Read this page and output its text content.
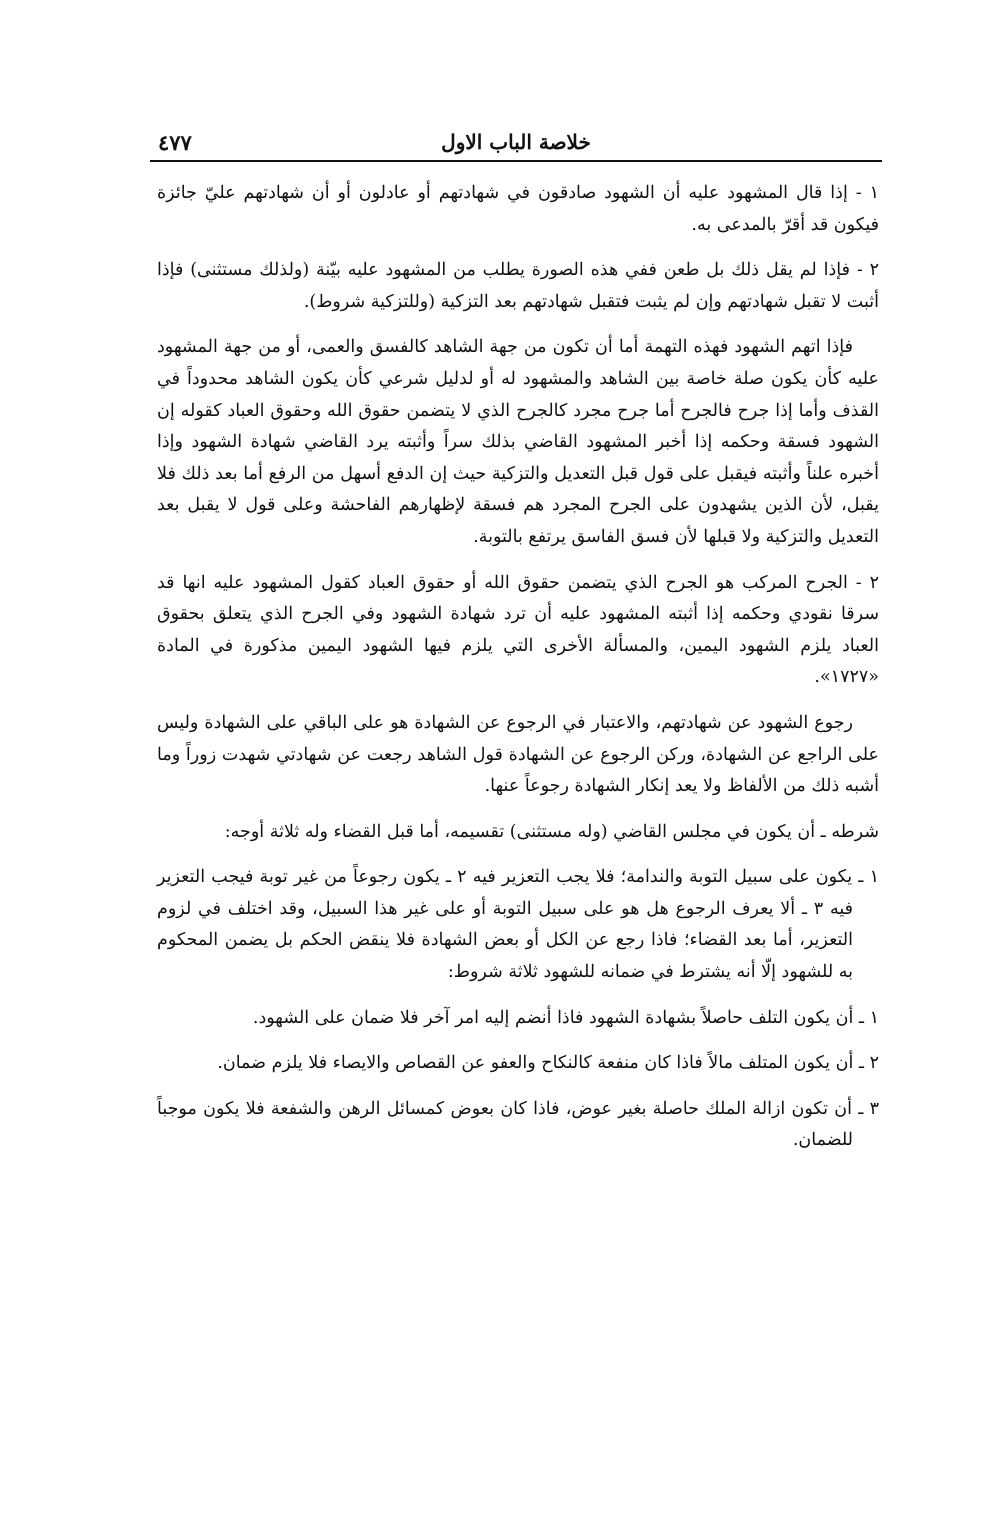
٤٧٧	خلاصة الباب الاول

١ - إذا قال المشهود عليه أن الشهود صادقون في شهادتهم أو عادلون أو أن شهادتهم عليّ جائزة فيكون قد أقرّ بالمدعى به.

٢ - فإذا لم يقل ذلك بل طعن ففي هذه الصورة يطلب من المشهود عليه بيّنة (ولذلك مستثنى) فإذا أثبت لا تقبل شهادتهم وإن لم يثبت فتقبل شهادتهم بعد التزكية (وللتزكية شروط).

فإذا اتهم الشهود فهذه التهمة أما أن تكون من جهة الشاهد كالفسق والعمى، أو من جهة المشهود عليه كأن يكون صلة خاصة بين الشاهد والمشهود له أو لدليل شرعي كأن يكون الشاهد محدوداً في القذف وأما إذا جرح فالجرح أما جرح مجرد كالجرح الذي لا يتضمن حقوق الله وحقوق العباد كقوله إن الشهود فسقة وحكمه إذا أخبر المشهود القاضي بذلك سراً وأثبته يرد القاضي شهادة الشهود وإذا أخبره علناً وأثبته فيقبل على قول قبل التعديل والتزكية حيث إن الدفع أسهل من الرفع أما بعد ذلك فلا يقبل، لأن الذين يشهدون على الجرح المجرد هم فسقة لإظهارهم الفاحشة وعلى قول لا يقبل بعد التعديل والتزكية ولا قبلها لأن فسق الفاسق يرتفع بالتوبة.

٢ - الجرح المركب هو الجرح الذي يتضمن حقوق الله أو حقوق العباد كقول المشهود عليه انها قد سرقا نقودي وحكمه إذا أثبته المشهود عليه أن ترد شهادة الشهود وفي الجرح الذي يتعلق بحقوق العباد يلزم الشهود اليمين، والمسألة الأخرى التي يلزم فيها الشهود اليمين مذكورة في المادة «١٧٢٧».

رجوع الشهود عن شهادتهم، والاعتبار في الرجوع عن الشهادة هو على الباقي على الشهادة وليس على الراجع عن الشهادة، وركن الرجوع عن الشهادة قول الشاهد رجعت عن شهادتي شهدت زوراً وما أشبه ذلك من الألفاظ ولا يعد إنكار الشهادة رجوعاً عنها.

شرطه ـ أن يكون في مجلس القاضي (وله مستثنى) تقسيمه، أما قبل القضاء وله ثلاثة أوجه:

١ ـ يكون على سبيل التوبة والندامة؛ فلا يجب التعزير فيه ٢ ـ يكون رجوعاً من غير توبة فيجب التعزير فيه ٣ ـ ألا يعرف الرجوع هل هو على سبيل التوبة أو على غير هذا السبيل، وقد اختلف في لزوم التعزير، أما بعد القضاء؛ فاذا رجع عن الكل أو بعض الشهادة فلا ينقض الحكم بل يضمن المحكوم به للشهود إلّا أنه يشترط في ضمانه للشهود ثلاثة شروط:

١ ـ أن يكون التلف حاصلاً بشهادة الشهود فاذا أنضم إليه امر آخر فلا ضمان على الشهود.

٢ ـ أن يكون المتلف مالاً فاذا كان منفعة كالنكاح والعفو عن القصاص والايصاء فلا يلزم ضمان.

٣ ـ أن تكون ازالة الملك حاصلة بغير عوض، فاذا كان بعوض كمسائل الرهن والشفعة فلا يكون موجباً للضمان.
